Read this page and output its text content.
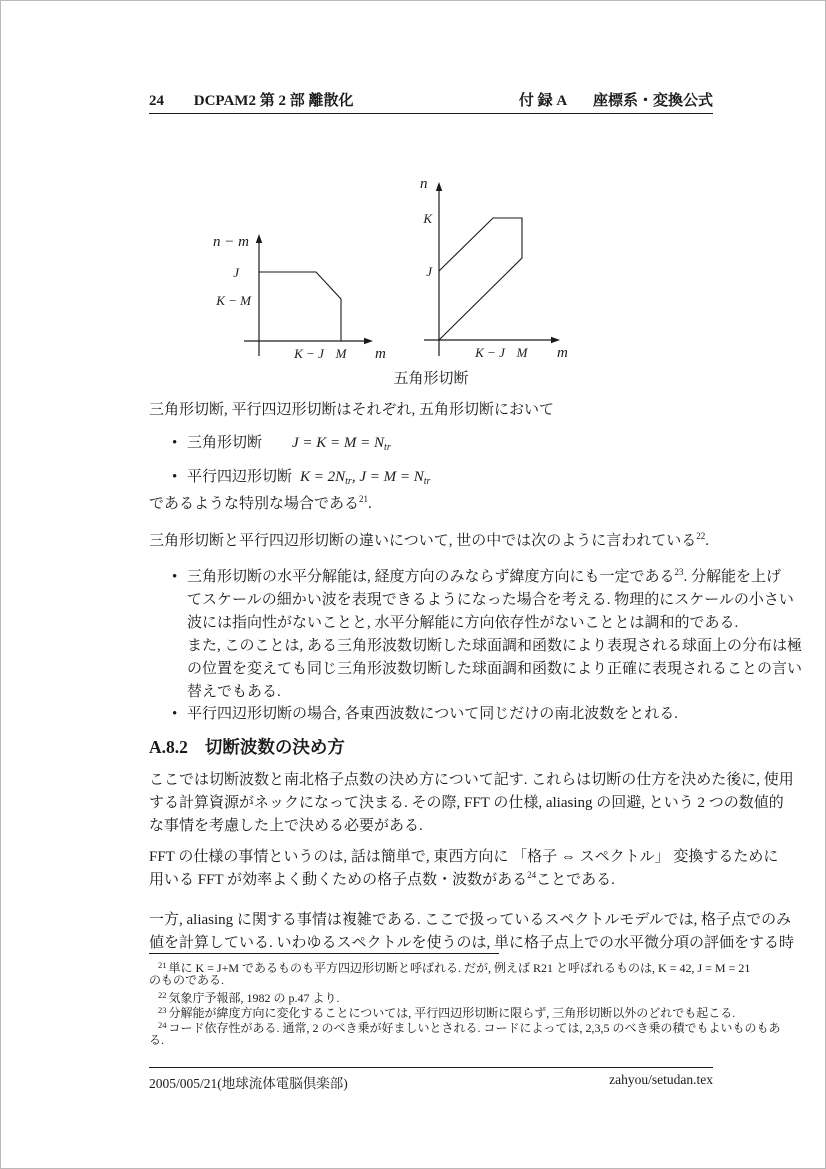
24 DCPAM2 第 2 部 離散化	付 録 A 座標系・変換公式
n − m
J
K − M
K − J M m
n
K
J
K − J M m
五角形切断
三角形切断, 平行四辺形切断はそれぞれ, 五角形切断において
•三角形切断 $J = K = M = N_{tr}$
•平行四辺形切断 $K = 2N_{tr}$, $J = M = N_{tr}$
であるような特別な場合である$^{21}$.
三角形切断と平行四辺形切断の違いについて, 世の中では次のように言われている$^{22}$.
•三角形切断の水平分解能は, 経度方向のみならず緯度方向にも一定である$^{23}$. 分解能を上げ
てスケールの細かい波を表現できるようになった場合を考える. 物理的にスケールの小さい
波には指向性がないことと, 水平分解能に方向依存性がないこととは調和的である.
また, このことは, ある三角形波数切断した球面調和函数により表現される球面上の分布は極
の位置を変えても同じ三角形波数切断した球面調和函数により正確に表現されることの言い
替えでもある.
•平行四辺形切断の場合, 各東西波数について同じだけの南北波数をとれる.
A.8.2 切断波数の決め方
ここでは切断波数と南北格子点数の決め方について記す. これらは切断の仕方を決めた後に, 使用
する計算資源がネックになって決まる. その際, FFT の仕様, aliasing の回避, という 2 つの数値的
な事情を考慮した上で決める必要がある.
FFT の仕様の事情というのは, 話は簡単で, 東西方向に 「格子 ⇔ スペクトル」 変換するために
用いる FFT が効率よく動くための格子点数・波数がある$^{24}$ことである.
一方, aliasing に関する事情は複雑である. ここで扱っているスペクトルモデルでは, 格子点でのみ
値を計算している. いわゆるスペクトルを使うのは, 単に格子点上での水平微分項の評価をする時
$^{21}$ 単に K = J+M であるものも平方四辺形切断と呼ばれる. だが, 例えば R21 と呼ばれるものは, K = 42, J = M = 21
のものである.
$^{22}$ 気象庁予報部, 1982 の p.47 より.
$^{23}$ 分解能が緯度方向に変化することについては, 平行四辺形切断に限らず, 三角形切断以外のどれでも起こる.
$^{24}$ コード依存性がある. 通常, 2 のべき乗が好ましいとされる. コードによっては, 2,3,5 のべき乗の積でもよいものもあ
る.
2005/005/21(地球流体電脳倶楽部)	zahyou/setudan.tex
